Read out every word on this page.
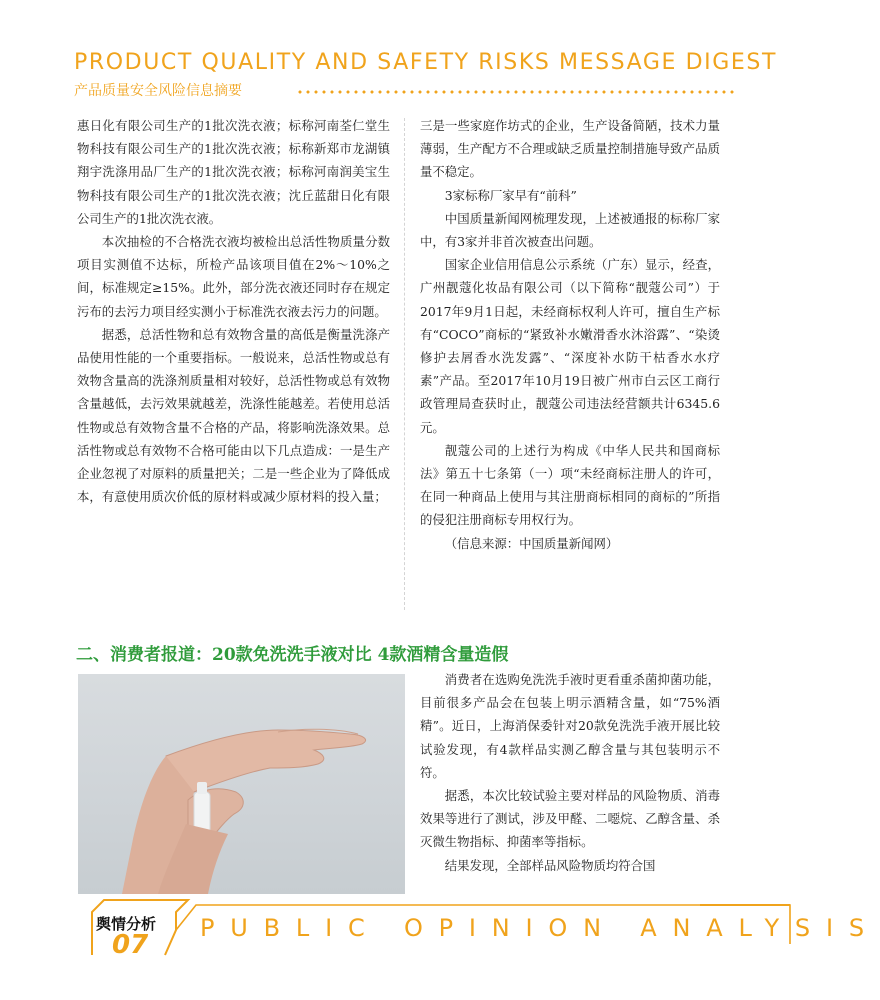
PRODUCT QUALITY AND SAFETY RISKS MESSAGE DIGEST
产品质量安全风险信息摘要

惠日化有限公司生产的1批次洗衣液；标称河南荃仁堂生物科技有限公司生产的1批次洗衣液；标称新郑市龙湖镇翔宇洗涤用品厂生产的1批次洗衣液；标称河南润美宝生物科技有限公司生产的1批次洗衣液；沈丘蓝甜日化有限公司生产的1批次洗衣液。

本次抽检的不合格洗衣液均被检出总活性物质量分数项目实测值不达标，所检产品该项目值在2%～10%之间，标准规定≥15%。此外，部分洗衣液还同时存在规定污布的去污力项目经实测小于标准洗衣液去污力的问题。

据悉，总活性物和总有效物含量的高低是衡量洗涤产品使用性能的一个重要指标。一般说来，总活性物或总有效物含量高的洗涤剂质量相对较好，总活性物或总有效物含量越低，去污效果就越差，洗涤性能越差。若使用总活性物或总有效物含量不合格的产品，将影响洗涤效果。总活性物或总有效物不合格可能由以下几点造成：一是生产企业忽视了对原料的质量把关；二是一些企业为了降低成本，有意使用质次价低的原材料或减少原材料的投入量；

三是一些家庭作坊式的企业，生产设备简陋，技术力量薄弱，生产配方不合理或缺乏质量控制措施导致产品质量不稳定。

3家标称厂家早有“前科”

中国质量新闻网梳理发现，上述被通报的标称厂家中，有3家并非首次被查出问题。

国家企业信用信息公示系统（广东）显示，经查，广州靓蔻化妆品有限公司（以下简称“靓蔻公司”）于2017年9月1日起，未经商标权利人许可，擅自生产标有“COCO”商标的“紧致补水嫩滑香水沐浴露”、“染烫修护去屑香水洗发露”、“深度补水防干枯香水水疗素”产品。至2017年10月19日被广州市白云区工商行政管理局查获时止，靓蔻公司违法经营额共计6345.6元。

靓蔻公司的上述行为构成《中华人民共和国商标法》第五十七条第（一）项“未经商标注册人的许可，在同一种商品上使用与其注册商标相同的商标的”所指的侵犯注册商标专用权行为。

（信息来源：中国质量新闻网）

二、消费者报道：20款免洗洗手液对比 4款酒精含量造假

消费者在选购免洗洗手液时更看重杀菌抑菌功能，目前很多产品会在包装上明示酒精含量，如“75%酒精”。近日，上海消保委针对20款免洗洗手液开展比较试验发现，有4款样品实测乙醇含量与其包装明示不符。

据悉，本次比较试验主要对样品的风险物质、消毒效果等进行了测试，涉及甲醛、二噁烷、乙醇含量、杀灭微生物指标、抑菌率等指标。

结果发现，全部样品风险物质均符合国

舆情分析 PUBLIC OPINION ANALYSIS
07
